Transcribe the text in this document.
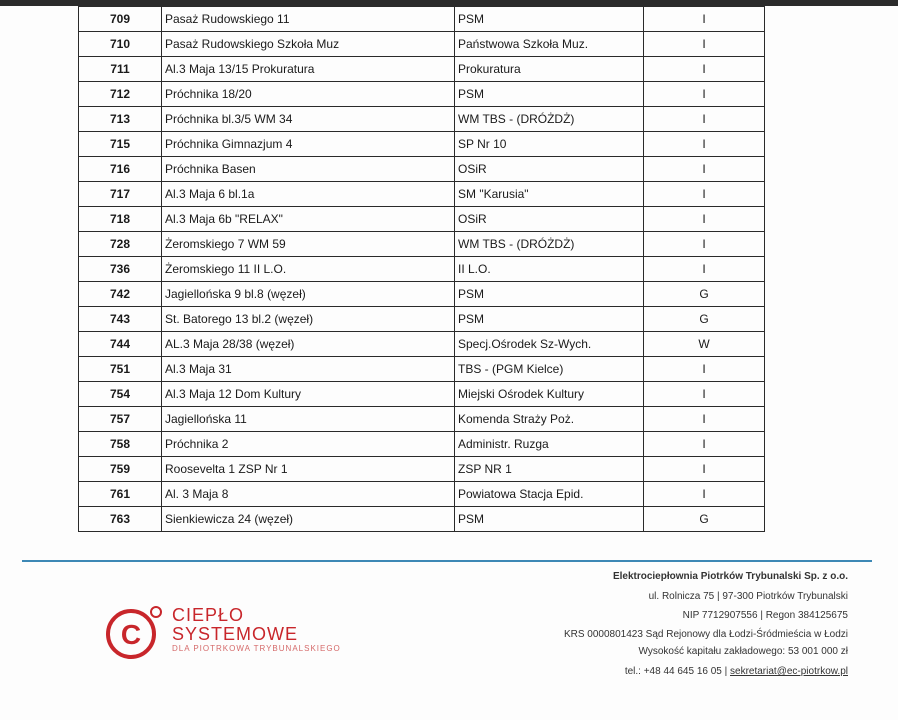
709	Pasaż Rudowskiego 11	PSM	I
710	Pasaż Rudowskiego Szkoła Muz	Państwowa Szkoła Muz.	I
711	Al.3 Maja 13/15 Prokuratura	Prokuratura	I
712	Próchnika 18/20	PSM	I
713	Próchnika bl.3/5 WM 34	WM TBS - (DRÓŻDŻ)	I
715	Próchnika Gimnazjum 4	SP Nr 10	I
716	Próchnika Basen	OSiR	I
717	Al.3 Maja 6 bl.1a	SM "Karusia"	I
718	Al.3 Maja 6b "RELAX"	OSiR	I
728	Żeromskiego 7 WM 59	WM TBS - (DRÓŻDŻ)	I
736	Żeromskiego 11 II L.O.	II L.O.	I
742	Jagiellońska 9 bl.8 (węzeł)	PSM	G
743	St. Batorego 13 bl.2 (węzeł)	PSM	G
744	AL.3 Maja 28/38 (węzeł)	Specj.Ośrodek Sz-Wych.	W
751	Al.3 Maja 31	TBS - (PGM Kielce)	I
754	Al.3 Maja 12 Dom Kultury	Miejski Ośrodek Kultury	I
757	Jagiellońska 11	Komenda Straży Poż.	I
758	Próchnika 2	Administr. Ruzga	I
759	Roosevelta 1 ZSP Nr 1	ZSP NR 1	I
761	Al. 3 Maja 8	Powiatowa Stacja Epid.	I
763	Sienkiewicza 24 (węzeł)	PSM	G
C
CIEPŁO
SYSTEMOWE
DLA PIOTRKOWA TRYBUNALSKIEGO
Elektrociepłownia Piotrków Trybunalski Sp. z o.o.
ul. Rolnicza 75 | 97-300 Piotrków Trybunalski
NIP 7712907556 | Regon 384125675
KRS 0000801423 Sąd Rejonowy dla Łodzi-Śródmieścia w Łodzi
Wysokość kapitału zakładowego: 53 001 000 zł
tel.: +48 44 645 16 05 | sekretariat@ec-piotrkow.pl
